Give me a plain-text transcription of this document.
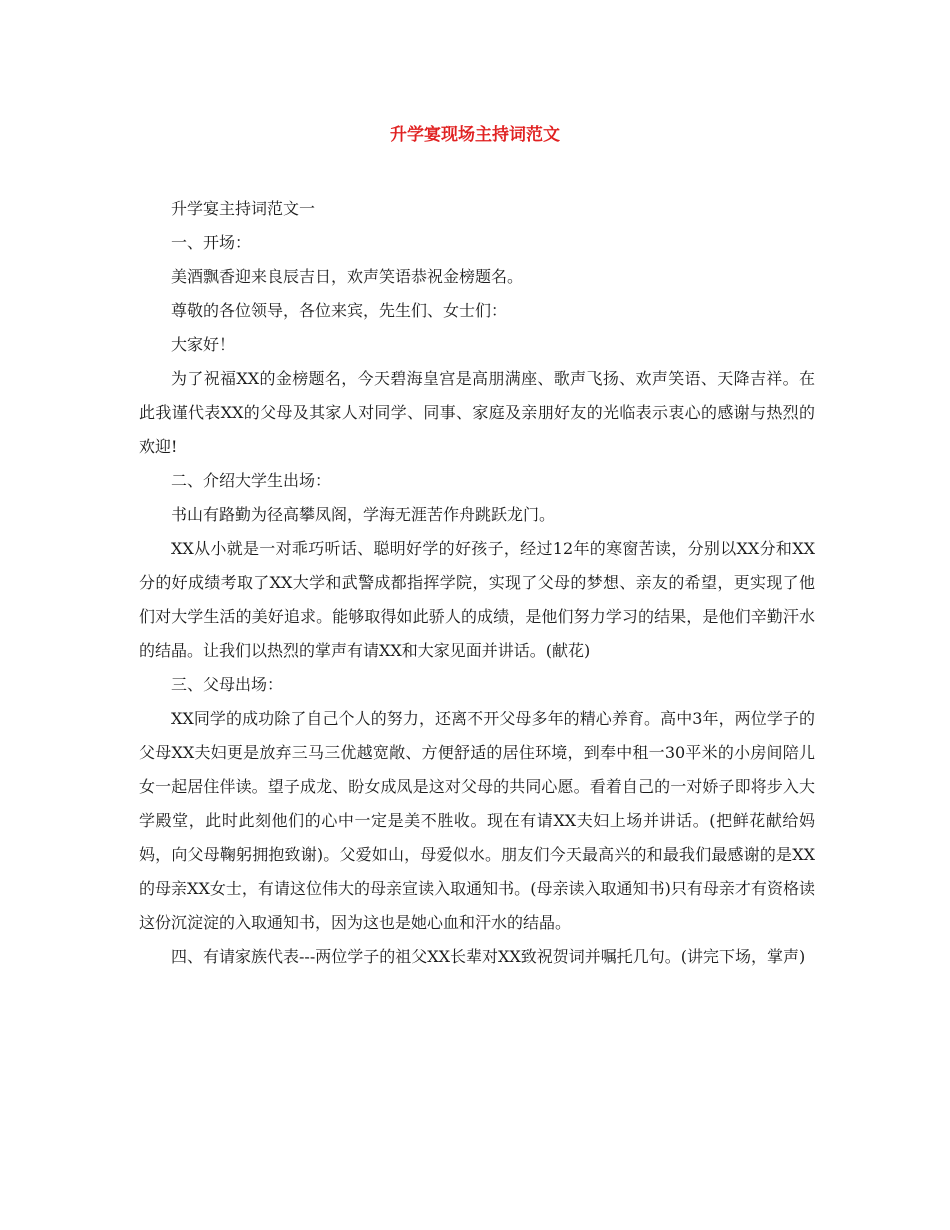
升学宴现场主持词范文

升学宴主持词范文一

一、开场：

美酒飘香迎来良辰吉日，欢声笑语恭祝金榜题名。

尊敬的各位领导，各位来宾，先生们、女士们：

大家好！

为了祝福XX的金榜题名，今天碧海皇宫是高朋满座、歌声飞扬、欢声笑语、天降吉祥。在此我谨代表XX的父母及其家人对同学、同事、家庭及亲朋好友的光临表示衷心的感谢与热烈的欢迎!

二、介绍大学生出场：

书山有路勤为径高攀凤阁，学海无涯苦作舟跳跃龙门。

XX从小就是一对乖巧听话、聪明好学的好孩子，经过12年的寒窗苦读，分别以XX分和XX分的好成绩考取了XX大学和武警成都指挥学院，实现了父母的梦想、亲友的希望，更实现了他们对大学生活的美好追求。能够取得如此骄人的成绩，是他们努力学习的结果，是他们辛勤汗水的结晶。让我们以热烈的掌声有请XX和大家见面并讲话。(献花)

三、父母出场：

XX同学的成功除了自己个人的努力，还离不开父母多年的精心养育。高中3年，两位学子的父母XX夫妇更是放弃三马三优越宽敞、方便舒适的居住环境，到奉中租一30平米的小房间陪儿女一起居住伴读。望子成龙、盼女成凤是这对父母的共同心愿。看着自己的一对娇子即将步入大学殿堂，此时此刻他们的心中一定是美不胜收。现在有请XX夫妇上场并讲话。(把鲜花献给妈妈，向父母鞠躬拥抱致谢)。父爱如山，母爱似水。朋友们今天最高兴的和最我们最感谢的是XX的母亲XX女士，有请这位伟大的母亲宣读入取通知书。(母亲读入取通知书)只有母亲才有资格读这份沉淀淀的入取通知书，因为这也是她心血和汗水的结晶。

四、有请家族代表---两位学子的祖父XX长辈对XX致祝贺词并嘱托几句。(讲完下场，掌声)
